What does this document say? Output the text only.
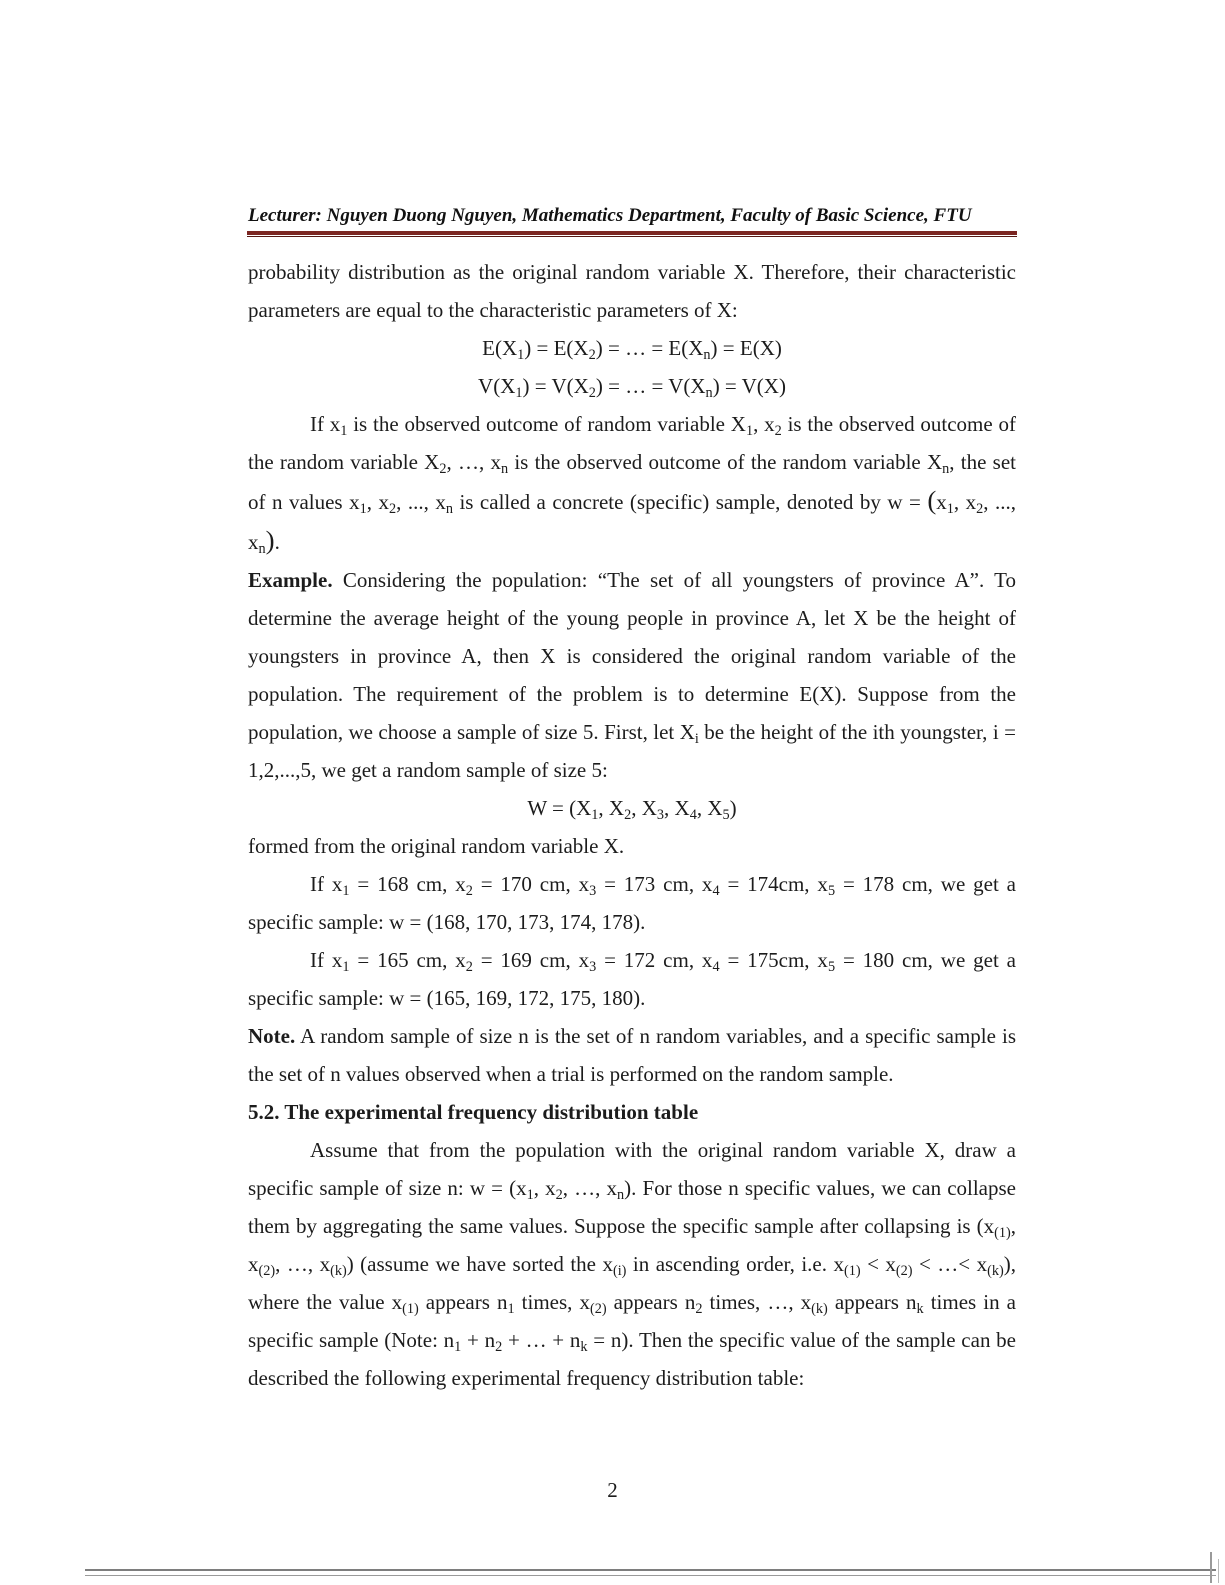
Lecturer: Nguyen Duong Nguyen, Mathematics Department, Faculty of Basic Science, FTU

probability distribution as the original random variable X. Therefore, their characteristic parameters are equal to the characteristic parameters of X:

$E(X_1) = E(X_2)$ = … = $E(X_n) = E(X)$

$V(X_1) = V(X_2)$ = … = $V(X_n) = V(X)$

If $x_1$ is the observed outcome of random variable $X_1$, $x_2$ is the observed outcome of the random variable $X_2$, …, $x_n$ is the observed outcome of the random variable $X_n$, the set of n values $x_1$, $x_2$, ..., $x_n$ is called a concrete (specific) sample, denoted by $w = (x_1$, $x_2$, ..., $x_n$).

Example. Considering the population: “The set of all youngsters of province A”. To determine the average height of the young people in province A, let X be the height of youngsters in province A, then X is considered the original random variable of the population. The requirement of the problem is to determine E(X). Suppose from the population, we choose a sample of size 5. First, let $X_i$ be the height of the ith youngster, i = 1,2,...,5, we get a random sample of size 5:

$W = (X_1$, $X_2$, $X_3$, $X_4$, $X_5$)

formed from the original random variable X.

If $x_1 = 168$ cm, $x_2 = 170$ cm, $x_3 = 173$ cm, $x_4 = 174cm$, $x_5 = 178$ cm, we get a specific sample: w = (168, 170, 173, 174, 178).

If $x_1 = 165$ cm, $x_2 = 169$ cm, $x_3 = 172$ cm, $x_4 = 175cm$, $x_5 = 180$ cm, we get a specific sample: w = (165, 169, 172, 175, 180).

Note. A random sample of size n is the set of n random variables, and a specific sample is the set of n values observed when a trial is performed on the random sample.

5.2. The experimental frequency distribution table

Assume that from the population with the original random variable X, draw a specific sample of size n: $w = (x_1$, $x_2$, …, $x_n$). For those n specific values, we can collapse them by aggregating the same values. Suppose the specific sample after collapsing is ($x_{(1)}$, $x_{(2)}$, …, $x_{(k)}$) (assume we have sorted the $x_{(i)}$ in ascending order, i.e. $x_{(1)} < x_{(2)}$ < …< $x_{(k)}$), where the value $x_{(1)}$ appears $n_1$ times, $x_{(2)}$ appears $n_2$ times, …, $x_{(k)}$ appears $n_k$ times in a specific sample (Note: $n_1 + n_2$ + … + $n_k = n$). Then the specific value of the sample can be described the following experimental frequency distribution table:

2
